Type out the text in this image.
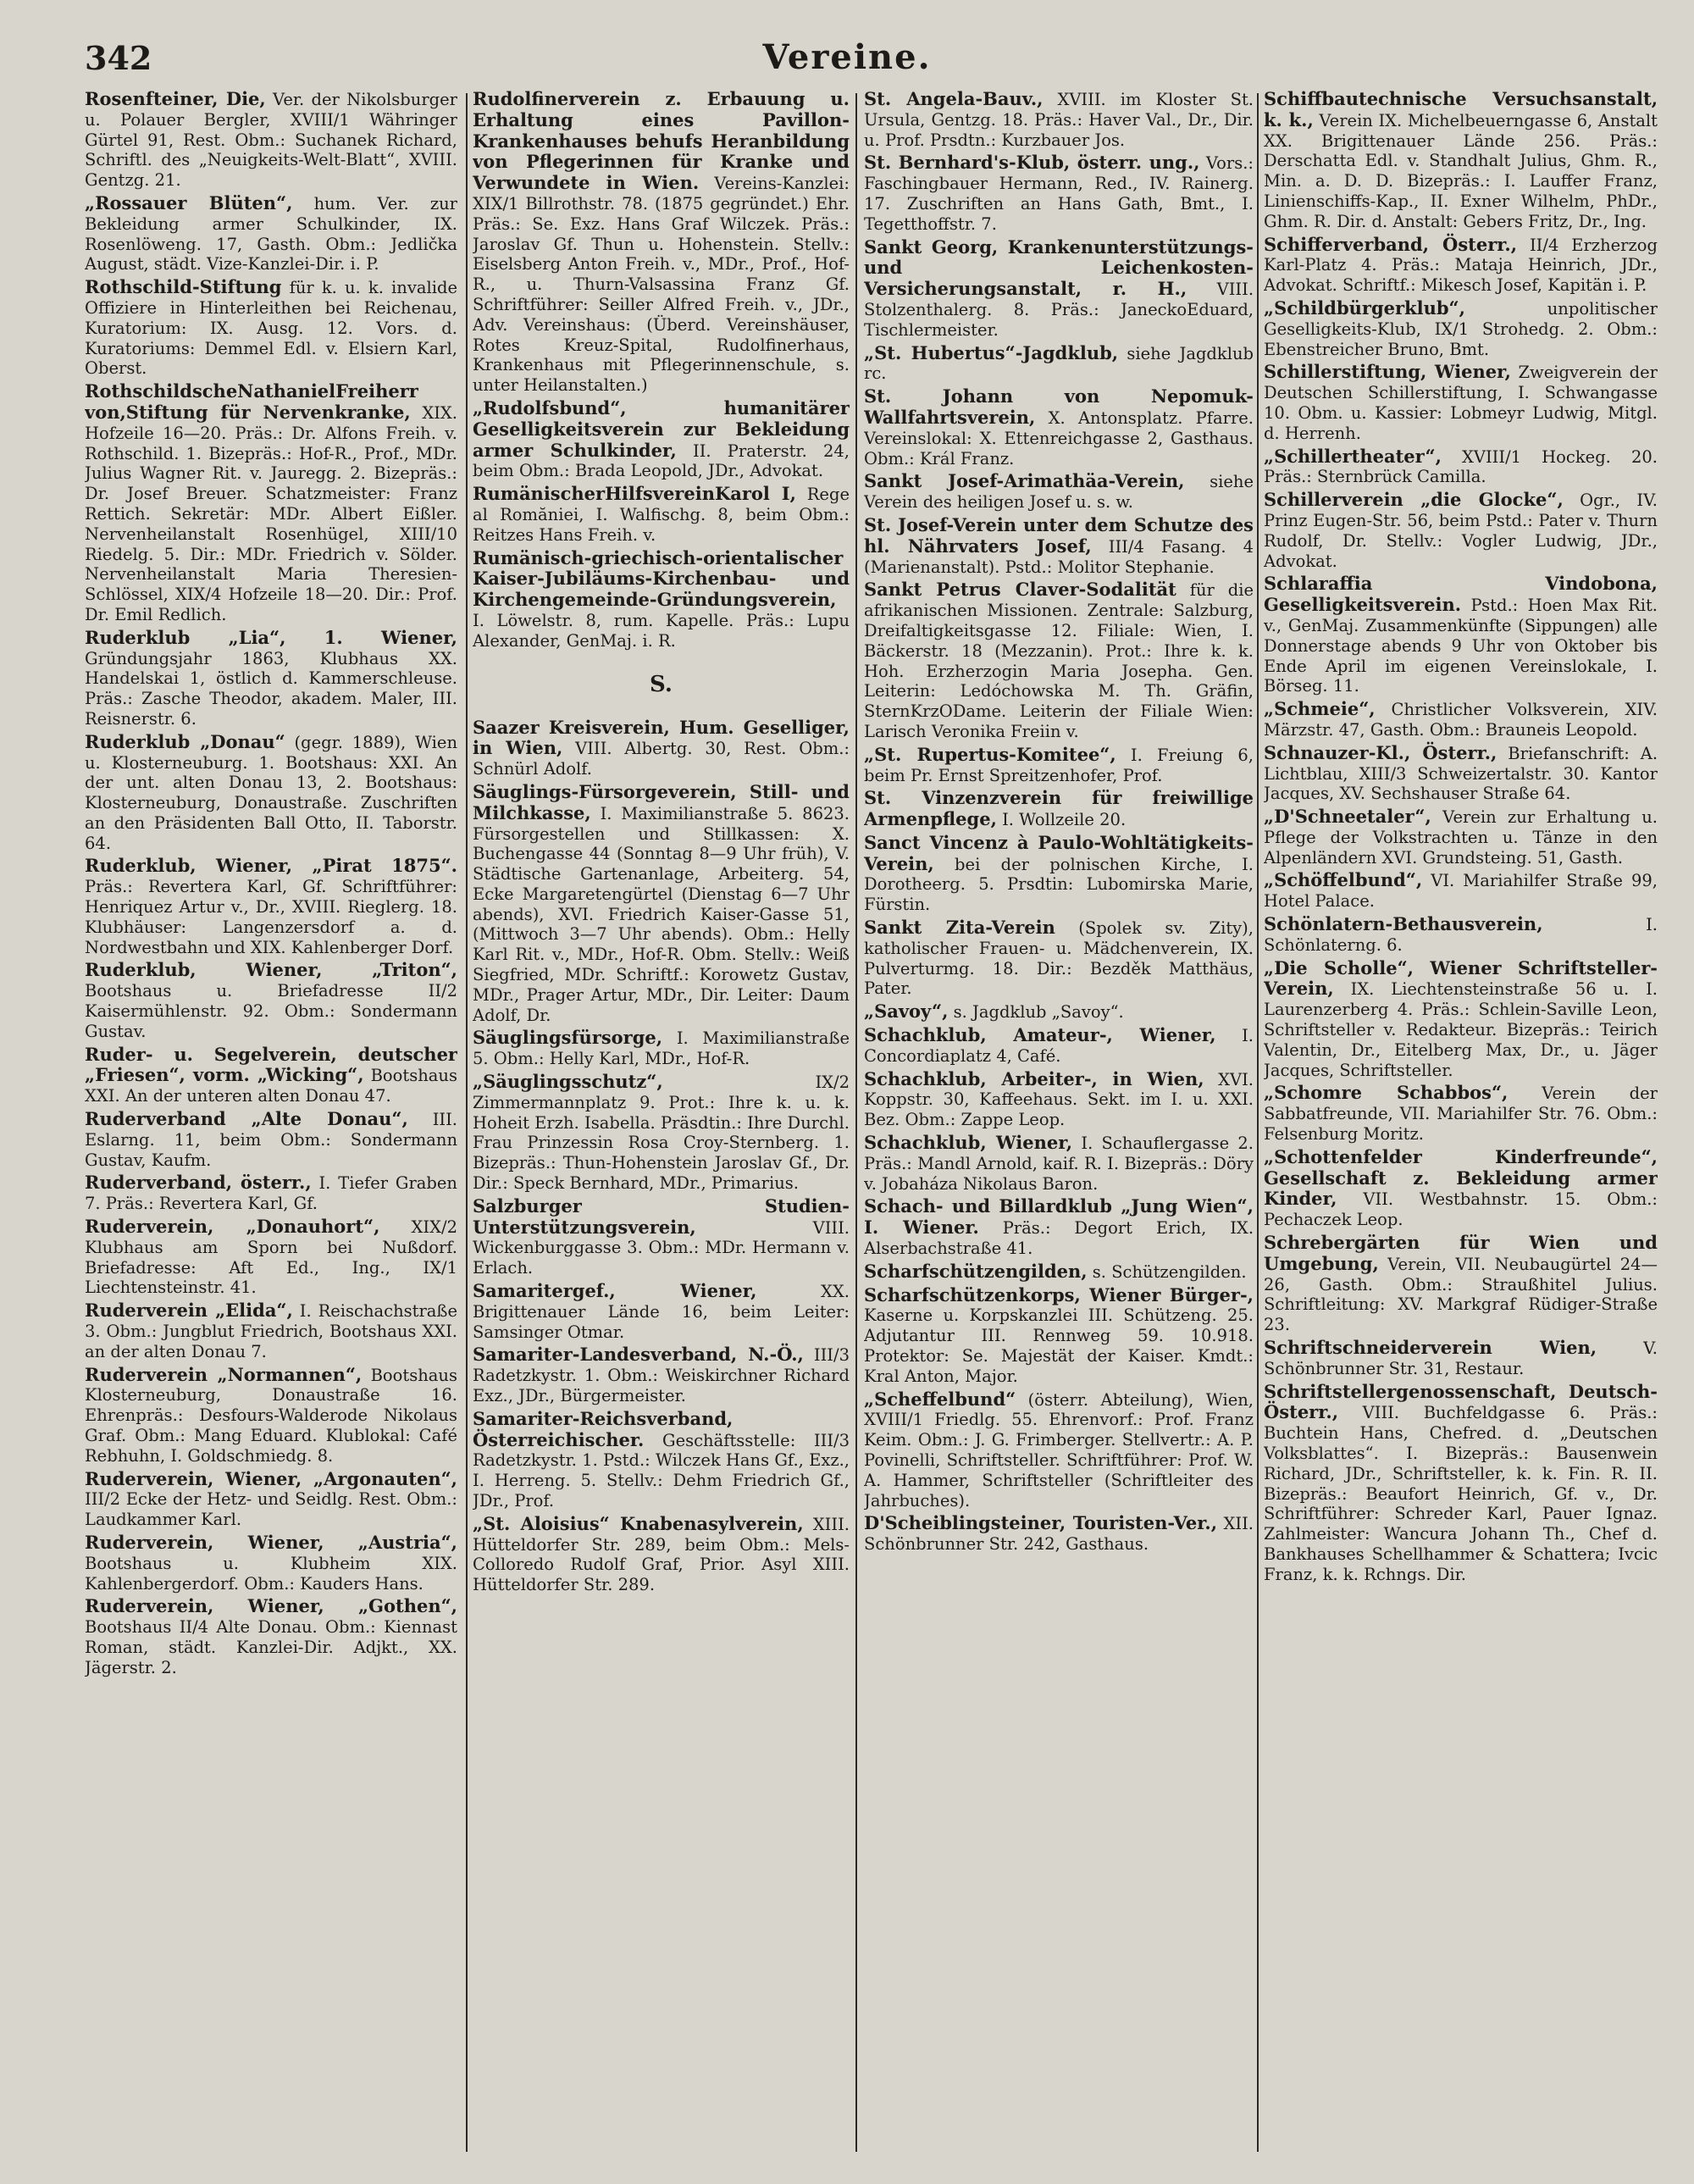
342	Vereine.
Rosenfteiner, Die, Ver. der Nikolsburger u. Polauer Bergler, XVIII/1 Währinger Gürtel 91, Rest. Obm.: Suchanek Richard, Schriftl. des „Neuigkeits-Welt-Blatt“, XVIII. Gentzg. 21.
„Rossauer Blüten“, hum. Ver. zur Bekleidung armer Schulkinder, IX. Rosenlöweng. 17, Gasth. Obm.: Jedlička August, städt. Vize-Kanzlei-Dir. i. P.
Rothschild-Stiftung für k. u. k. invalide Offiziere in Hinterleithen bei Reichenau, Kuratorium: IX. Ausg. 12. Vors. d. Kuratoriums: Demmel Edl. v. Elsiern Karl, Oberst.
RothschildscheNathanielFreiherr von,Stiftung für Nervenkranke, XIX. Hofzeile 16—20. Präs.: Dr. Alfons Freih. v. Rothschild. 1. Bizepräs.: Hof-R., Prof., MDr. Julius Wagner Rit. v. Jauregg. 2. Bizepräs.: Dr. Josef Breuer. Schatzmeister: Franz Rettich. Sekretär: MDr. Albert Eißler. Nervenheilanstalt Rosenhügel, XIII/10 Riedelg. 5. Dir.: MDr. Friedrich v. Sölder. Nervenheilanstalt Maria Theresien-Schlössel, XIX/4 Hofzeile 18—20. Dir.: Prof. Dr. Emil Redlich.
Ruderklub „Lia“, 1. Wiener, Gründungsjahr 1863, Klubhaus XX. Handelskai 1, östlich d. Kammerschleuse. Präs.: Zasche Theodor, akadem. Maler, III. Reisnerstr. 6.
Ruderklub „Donau“ (gegr. 1889), Wien u. Klosterneuburg. 1. Bootshaus: XXI. An der unt. alten Donau 13, 2. Bootshaus: Klosterneuburg, Donaustraße. Zuschriften an den Präsidenten Ball Otto, II. Taborstr. 64.
Ruderklub, Wiener, „Pirat 1875“. Präs.: Revertera Karl, Gf. Schriftführer: Henriquez Artur v., Dr., XVIII. Rieglerg. 18. Klubhäuser: Langenzersdorf a. d. Nordwestbahn und XIX. Kahlenberger Dorf.
Ruderklub, Wiener, „Triton“, Bootshaus u. Briefadresse II/2 Kaisermühlenstr. 92. Obm.: Sondermann Gustav.
Ruder- u. Segelverein, deutscher „Friesen“, vorm. „Wicking“, Bootshaus XXI. An der unteren alten Donau 47.
Ruderverband „Alte Donau“, III. Eslarng. 11, beim Obm.: Sondermann Gustav, Kaufm.
Ruderverband, österr., I. Tiefer Graben 7. Präs.: Revertera Karl, Gf.
Ruderverein, „Donauhort“, XIX/2 Klubhaus am Sporn bei Nußdorf. Briefadresse: Aft Ed., Ing., IX/1 Liechtensteinstr. 41.
Ruderverein „Elida“, I. Reischachstraße 3. Obm.: Jungblut Friedrich, Bootshaus XXI. an der alten Donau 7.
Ruderverein „Normannen“, Bootshaus Klosterneuburg, Donaustraße 16. Ehrenpräs.: Desfours-Walderode Nikolaus Graf. Obm.: Mang Eduard. Klublokal: Café Rebhuhn, I. Goldschmiedg. 8.
Ruderverein, Wiener, „Argonauten“, III/2 Ecke der Hetz- und Seidlg. Rest. Obm.: Laudkammer Karl.
Ruderverein, Wiener, „Austria“, Bootshaus u. Klubheim XIX. Kahlenbergerdorf. Obm.: Kauders Hans.
Ruderverein, Wiener, „Gothen“, Bootshaus II/4 Alte Donau. Obm.: Kiennast Roman, städt. Kanzlei-Dir. Adjkt., XX. Jägerstr. 2.
Rudolfinerverein z. Erbauung u. Erhaltung eines Pavillon-Krankenhauses behufs Heranbildung von Pflegerinnen für Kranke und Verwundete in Wien. Vereins-Kanzlei: XIX/1 Billrothstr. 78. (1875 gegründet.) Ehr. Präs.: Se. Exz. Hans Graf Wilczek. Präs.: Jaroslav Gf. Thun u. Hohenstein. Stellv.: Eiselsberg Anton Freih. v., MDr., Prof., Hof-R., u. Thurn-Valsassina Franz Gf. Schriftführer: Seiller Alfred Freih. v., JDr., Adv. Vereinshaus: (Überd. Vereinshäuser, Rotes Kreuz-Spital, Rudolfinerhaus, Krankenhaus mit Pflegerinnenschule, s. unter Heilanstalten.)
„Rudolfsbund“, humanitärer Geselligkeitsverein zur Bekleidung armer Schulkinder, II. Praterstr. 24, beim Obm.: Brada Leopold, JDr., Advokat.
RumänischerHilfsvereinKarol I, Rege al Romăniei, I. Walfischg. 8, beim Obm.: Reitzes Hans Freih. v.
Rumänisch-griechisch-orientalischer Kaiser-Jubiläums-Kirchenbau- und Kirchengemeinde-Gründungsverein, I. Löwelstr. 8, rum. Kapelle. Präs.: Lupu Alexander, GenMaj. i. R.
S.
Saazer Kreisverein, Hum. Geselliger, in Wien, VIII. Albertg. 30, Rest. Obm.: Schnürl Adolf.
Säuglings-Fürsorgeverein, Still- und Milchkasse, I. Maximilianstraße 5. 8623. Fürsorgestellen und Stillkassen: X. Buchengasse 44 (Sonntag 8—9 Uhr früh), V. Städtische Gartenanlage, Arbeiterg. 54, Ecke Margaretengürtel (Dienstag 6—7 Uhr abends), XVI. Friedrich Kaiser-Gasse 51, (Mittwoch 3—7 Uhr abends). Obm.: Helly Karl Rit. v., MDr., Hof-R. Obm. Stellv.: Weiß Siegfried, MDr. Schriftf.: Korowetz Gustav, MDr., Prager Artur, MDr., Dir. Leiter: Daum Adolf, Dr.
Säuglingsfürsorge, I. Maximilianstraße 5. Obm.: Helly Karl, MDr., Hof-R.
„Säuglingsschutz“,	IX/2 Zimmermannplatz 9. Prot.: Ihre k. u. k. Hoheit Erzh. Isabella. Präsdtin.: Ihre Durchl. Frau Prinzessin Rosa Croy-Sternberg. 1. Bizepräs.: Thun-Hohenstein Jaroslav Gf., Dr. Dir.: Speck Bernhard, MDr., Primarius.
Salzburger Studien-Unterstützungsverein,	VIII. Wickenburggasse 3. Obm.: MDr. Hermann v. Erlach.
Samaritergef., Wiener,	XX. Brigittenauer Lände 16, beim Leiter: Samsinger Otmar.
Samariter-Landesverband, N.-Ö., III/3 Radetzkystr. 1. Obm.: Weiskirchner Richard Exz., JDr., Bürgermeister.
Samariter-Reichsverband, Österreichischer. Geschäftsstelle: III/3 Radetzkystr. 1. Pstd.: Wilczek Hans Gf., Exz., I. Herreng. 5. Stellv.: Dehm Friedrich Gf., JDr., Prof.
„St. Aloisius“ Knabenasylverein, XIII. Hütteldorfer Str. 289, beim Obm.: Mels-Colloredo Rudolf Graf, Prior. Asyl XIII. Hütteldorfer Str. 289.
St. Angela-Bauv., XVIII. im Kloster St. Ursula, Gentzg. 18. Präs.: Haver Val., Dr., Dir. u. Prof. Prsdtn.: Kurzbauer Jos.
St. Bernhard's-Klub, österr. ung., Vors.: Faschingbauer Hermann, Red., IV. Rainerg. 17. Zuschriften an Hans Gath, Bmt., I. Tegetthoffstr. 7.
Sankt Georg, Krankenunterstützungs- und Leichenkosten-Versicherungsanstalt, r. H., VIII. Stolzenthalerg. 8. Präs.: JaneckoEduard, Tischlermeister.
„St. Hubertus“-Jagdklub, siehe Jagdklub rc.
St. Johann von Nepomuk-Wallfahrtsverein, X. Antonsplatz. Pfarre. Vereinslokal: X. Ettenreichgasse 2, Gasthaus. Obm.: Král Franz.
Sankt Josef-Arimathäa-Verein, siehe Verein des heiligen Josef u. s. w.
St. Josef-Verein unter dem Schutze des hl. Nährvaters Josef, III/4 Fasang. 4 (Marienanstalt). Pstd.: Molitor Stephanie.
Sankt Petrus Claver-Sodalität für die afrikanischen Missionen. Zentrale: Salzburg, Dreifaltigkeitsgasse 12. Filiale: Wien, I. Bäckerstr. 18 (Mezzanin). Prot.: Ihre k. k. Hoh. Erzherzogin Maria Josepha. Gen. Leiterin: Ledóchowska M. Th. Gräfin, SternKrzODame. Leiterin der Filiale Wien: Larisch Veronika Freiin v.
„St. Rupertus-Komitee“, I. Freiung 6, beim Pr. Ernst Spreitzenhofer, Prof.
St. Vinzenzverein für freiwillige Armenpflege, I. Wollzeile 20.
Sanct Vincenz à Paulo-Wohltätigkeits-Verein, bei der polnischen Kirche, I. Dorotheerg. 5. Prsdtin: Lubomirska Marie, Fürstin.
Sankt Zita-Verein (Spolek sv. Zity), katholischer Frauen- u. Mädchenverein, IX. Pulverturmg. 18. Dir.: Bezděk Matthäus, Pater.
„Savoy“, s. Jagdklub „Savoy“.
Schachklub, Amateur-, Wiener, I. Concordiaplatz 4, Café.
Schachklub, Arbeiter-, in Wien, XVI. Koppstr. 30, Kaffeehaus. Sekt. im I. u. XXI. Bez. Obm.: Zappe Leop.
Schachklub, Wiener, I. Schauflergasse 2. Präs.: Mandl Arnold, kaif. R. I. Bizepräs.: Döry v. Jobaháza Nikolaus Baron.
Schach- und Billardklub „Jung Wien“, I. Wiener. Präs.: Degort Erich, IX. Alserbachstraße 41.
Scharfschützengilden, s. Schützengilden.
Scharfschützenkorps, Wiener Bürger-, Kaserne u. Korpskanzlei III. Schützeng. 25. Adjutantur III. Rennweg 59. 10.918. Protektor: Se. Majestät der Kaiser. Kmdt.: Kral Anton, Major.
„Scheffelbund“ (österr. Abteilung), Wien, XVIII/1 Friedlg. 55. Ehrenvorf.: Prof. Franz Keim. Obm.: J. G. Frimberger. Stellvertr.: A. P. Povinelli, Schriftsteller. Schriftführer: Prof. W. A. Hammer, Schriftsteller (Schriftleiter des Jahrbuches).
D'Scheiblingsteiner, Touristen-Ver., XII. Schönbrunner Str. 242, Gasthaus.
Schiffbautechnische Versuchsanstalt, k. k., Verein IX. Michelbeuerngasse 6, Anstalt XX. Brigittenauer Lände 256. Präs.: Derschatta Edl. v. Standhalt Julius, Ghm. R., Min. a. D. D. Bizepräs.: I. Lauffer Franz, Linienschiffs-Kap., II. Exner Wilhelm, PhDr., Ghm. R. Dir. d. Anstalt: Gebers Fritz, Dr., Ing.
Schifferverband, Österr., II/4 Erzherzog Karl-Platz 4. Präs.: Mataja Heinrich, JDr., Advokat. Schriftf.: Mikesch Josef, Kapitän i. P.
„Schildbürgerklub“,	unpolitischer Geselligkeits-Klub, IX/1 Strohedg. 2. Obm.: Ebenstreicher Bruno, Bmt.
Schillerstiftung, Wiener, Zweigverein der Deutschen Schillerstiftung, I. Schwangasse 10. Obm. u. Kassier: Lobmeyr Ludwig, Mitgl. d. Herrenh.
„Schillertheater“, XVIII/1 Hockeg. 20. Präs.: Sternbrück Camilla.
Schillerverein „die Glocke“, Ogr., IV. Prinz Eugen-Str. 56, beim Pstd.: Pater v. Thurn Rudolf, Dr. Stellv.: Vogler Ludwig, JDr., Advokat.
Schlaraffia Vindobona, Geselligkeitsverein. Pstd.: Hoen Max Rit. v., GenMaj. Zusammenkünfte (Sippungen) alle Donnerstage abends 9 Uhr von Oktober bis Ende April im eigenen Vereinslokale, I. Börseg. 11.
„Schmeie“, Christlicher Volksverein, XIV. Märzstr. 47, Gasth. Obm.: Brauneis Leopold.
Schnauzer-Kl., Österr., Briefanschrift: A. Lichtblau, XIII/3 Schweizertalstr. 30. Kantor Jacques, XV. Sechshauser Straße 64.
„D'Schneetaler“, Verein zur Erhaltung u. Pflege der Volkstrachten u. Tänze in den Alpenländern XVI. Grundsteing. 51, Gasth.
„Schöffelbund“, VI. Mariahilfer Straße 99, Hotel Palace.
Schönlatern-Bethausverein,	I. Schönlaterng. 6.
„Die Scholle“, Wiener Schriftsteller-Verein, IX. Liechtensteinstraße 56 u. I. Laurenzerberg 4. Präs.: Schlein-Saville Leon, Schriftsteller v. Redakteur. Bizepräs.: Teirich Valentin, Dr., Eitelberg Max, Dr., u. Jäger Jacques, Schriftsteller.
„Schomre Schabbos“, Verein der Sabbatfreunde, VII. Mariahilfer Str. 76. Obm.: Felsenburg Moritz.
„Schottenfelder Kinderfreunde“, Gesellschaft z. Bekleidung armer Kinder, VII. Westbahnstr. 15. Obm.: Pechaczek Leop.
Schrebergärten für Wien und Umgebung, Verein, VII. Neubaugürtel 24—26, Gasth. Obm.: Straußhitel Julius. Schriftleitung: XV. Markgraf Rüdiger-Straße 23.
Schriftschneiderverein Wien,	V. Schönbrunner Str. 31, Restaur.
Schriftstellergenossenschaft, Deutsch-Österr., VIII. Buchfeldgasse 6. Präs.: Buchtein Hans, Chefred. d. „Deutschen Volksblattes“. I. Bizepräs.: Bausenwein Richard, JDr., Schriftsteller, k. k. Fin. R. II. Bizepräs.: Beaufort Heinrich, Gf. v., Dr. Schriftführer: Schreder Karl, Pauer Ignaz. Zahlmeister: Wancura Johann Th., Chef d. Bankhauses Schellhammer & Schattera; Ivcic Franz, k. k. Rchngs. Dir.
